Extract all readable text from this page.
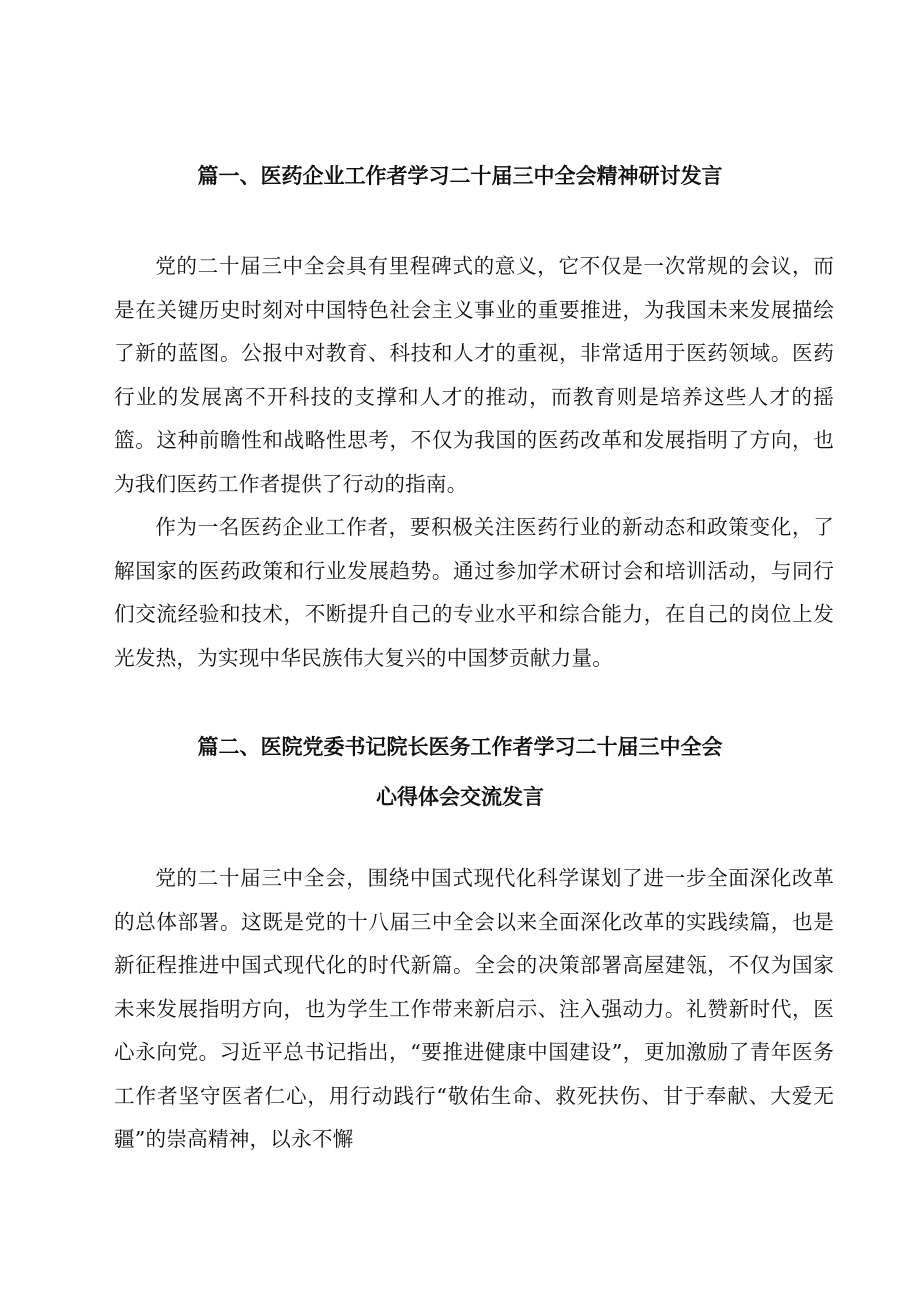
篇一、医药企业工作者学习二十届三中全会精神研讨发言

党的二十届三中全会具有里程碑式的意义，它不仅是一次常规的会议，而是在关键历史时刻对中国特色社会主义事业的重要推进，为我国未来发展描绘了新的蓝图。公报中对教育、科技和人才的重视，非常适用于医药领域。医药行业的发展离不开科技的支撑和人才的推动，而教育则是培养这些人才的摇篮。这种前瞻性和战略性思考，不仅为我国的医药改革和发展指明了方向，也为我们医药工作者提供了行动的指南。

作为一名医药企业工作者，要积极关注医药行业的新动态和政策变化，了解国家的医药政策和行业发展趋势。通过参加学术研讨会和培训活动，与同行们交流经验和技术，不断提升自己的专业水平和综合能力，在自己的岗位上发光发热，为实现中华民族伟大复兴的中国梦贡献力量。

篇二、医院党委书记院长医务工作者学习二十届三中全会
心得体会交流发言

党的二十届三中全会，围绕中国式现代化科学谋划了进一步全面深化改革的总体部署。这既是党的十八届三中全会以来全面深化改革的实践续篇，也是新征程推进中国式现代化的时代新篇。全会的决策部署高屋建瓴，不仅为国家未来发展指明方向，也为学生工作带来新启示、注入强动力。礼赞新时代，医心永向党。习近平总书记指出，“要推进健康中国建设”，更加激励了青年医务工作者坚守医者仁心，用行动践行“敬佑生命、救死扶伤、甘于奉献、大爱无疆”的崇高精神，以永不懈
